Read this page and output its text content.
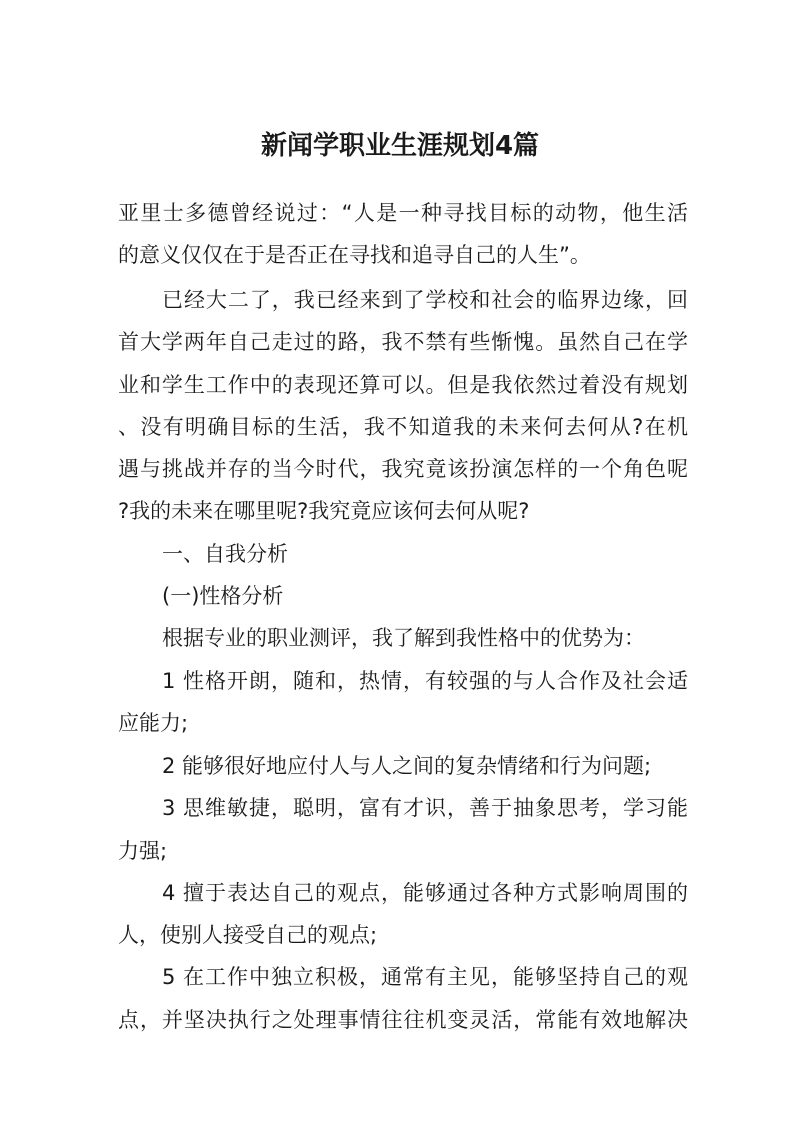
新闻学职业生涯规划4篇
亚里士多德曾经说过：“人是一种寻找目标的动物，他生活
的意义仅仅在于是否正在寻找和追寻自己的人生”。
已经大二了，我已经来到了学校和社会的临界边缘，回
首大学两年自己走过的路，我不禁有些惭愧。虽然自己在学
业和学生工作中的表现还算可以。但是我依然过着没有规划
、没有明确目标的生活，我不知道我的未来何去何从?在机
遇与挑战并存的当今时代，我究竟该扮演怎样的一个角色呢
?我的未来在哪里呢?我究竟应该何去何从呢?
一、自我分析
(一)性格分析
根据专业的职业测评，我了解到我性格中的优势为：
1 性格开朗，随和，热情，有较强的与人合作及社会适
应能力;
2 能够很好地应付人与人之间的复杂情绪和行为问题;
3 思维敏捷，聪明，富有才识，善于抽象思考，学习能
力强;
4 擅于表达自己的观点，能够通过各种方式影响周围的
人，使别人接受自己的观点;
5 在工作中独立积极，通常有主见，能够坚持自己的观
点，并坚决执行之处理事情往往机变灵活，常能有效地解决
